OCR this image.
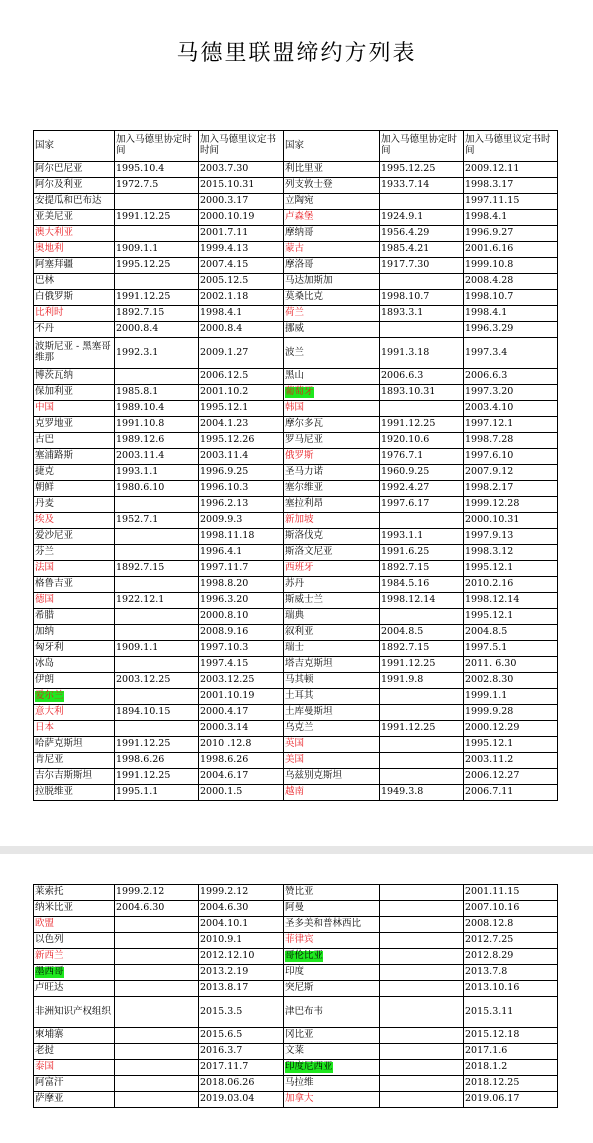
马德里联盟缔约方列表
国家	加入马德里协定时间	加入马德里议定书时间	国家	加入马德里协定时间	加入马德里议定书时间
阿尔巴尼亚	1995.10.4	2003.7.30	利比里亚	1995.12.25	2009.12.11
阿尔及利亚	1972.7.5	2015.10.31	列支敦士登	1933.7.14	1998.3.17
安提瓜和巴布达		2000.3.17	立陶宛		1997.11.15
亚美尼亚	1991.12.25	2000.10.19	卢森堡	1924.9.1	1998.4.1
澳大利亚		2001.7.11	摩纳哥	1956.4.29	1996.9.27
奥地利	1909.1.1	1999.4.13	蒙古	1985.4.21	2001.6.16
阿塞拜疆	1995.12.25	2007.4.15	摩洛哥	1917.7.30	1999.10.8
巴林		2005.12.5	马达加斯加		2008.4.28
白俄罗斯	1991.12.25	2002.1.18	莫桑比克	1998.10.7	1998.10.7
比利时	1892.7.15	1998.4.1	荷兰	1893.3.1	1998.4.1
不丹	2000.8.4	2000.8.4	挪威		1996.3.29
波斯尼亚 - 黑塞哥维那	1992.3.1	2009.1.27	波兰	1991.3.18	1997.3.4
博茨瓦纳		2006.12.5	黑山	2006.6.3	2006.6.3
保加利亚	1985.8.1	2001.10.2	葡萄牙	1893.10.31	1997.3.20
中国	1989.10.4	1995.12.1	韩国		2003.4.10
克罗地亚	1991.10.8	2004.1.23	摩尔多瓦	1991.12.25	1997.12.1
古巴	1989.12.6	1995.12.26	罗马尼亚	1920.10.6	1998.7.28
塞浦路斯	2003.11.4	2003.11.4	俄罗斯	1976.7.1	1997.6.10
捷克	1993.1.1	1996.9.25	圣马力诺	1960.9.25	2007.9.12
朝鲜	1980.6.10	1996.10.3	塞尔维亚	1992.4.27	1998.2.17
丹麦		1996.2.13	塞拉利昂	1997.6.17	1999.12.28
埃及	1952.7.1	2009.9.3	新加坡		2000.10.31
爱沙尼亚		1998.11.18	斯洛伐克	1993.1.1	1997.9.13
芬兰		1996.4.1	斯洛文尼亚	1991.6.25	1998.3.12
法国	1892.7.15	1997.11.7	西班牙	1892.7.15	1995.12.1
格鲁吉亚		1998.8.20	苏丹	1984.5.16	2010.2.16
德国	1922.12.1	1996.3.20	斯威士兰	1998.12.14	1998.12.14
希腊		2000.8.10	瑞典		1995.12.1
加纳		2008.9.16	叙利亚	2004.8.5	2004.8.5
匈牙利	1909.1.1	1997.10.3	瑞士	1892.7.15	1997.5.1
冰岛		1997.4.15	塔吉克斯坦	1991.12.25	2011. 6.30
伊朗	2003.12.25	2003.12.25	马其顿	1991.9.8	2002.8.30
爱尔兰		2001.10.19	土耳其		1999.1.1
意大利	1894.10.15	2000.4.17	土库曼斯坦		1999.9.28
日本		2000.3.14	乌克兰	1991.12.25	2000.12.29
哈萨克斯坦	1991.12.25	2010 .12.8	英国		1995.12.1
肯尼亚	1998.6.26	1998.6.26	美国		2003.11.2
吉尔吉斯斯坦	1991.12.25	2004.6.17	乌兹别克斯坦		2006.12.27
拉脱维亚	1995.1.1	2000.1.5	越南	1949.3.8	2006.7.11
莱索托	1999.2.12	1999.2.12	赞比亚		2001.11.15
纳米比亚	2004.6.30	2004.6.30	阿曼		2007.10.16
欧盟		2004.10.1	圣多美和普林西比		2008.12.8
以色列		2010.9.1	菲律宾		2012.7.25
新西兰		2012.12.10	哥伦比亚		2012.8.29
墨西哥		2013.2.19	印度		2013.7.8
卢旺达		2013.8.17	突尼斯		2013.10.16
非洲知识产权组织		2015.3.5	津巴布韦		2015.3.11
柬埔寨		2015.6.5	冈比亚		2015.12.18
老挝		2016.3.7	文莱		2017.1.6
泰国		2017.11.7	印度尼西亚		2018.1.2
阿富汗		2018.06.26	马拉维		2018.12.25
萨摩亚		2019.03.04	加拿大		2019.06.17
